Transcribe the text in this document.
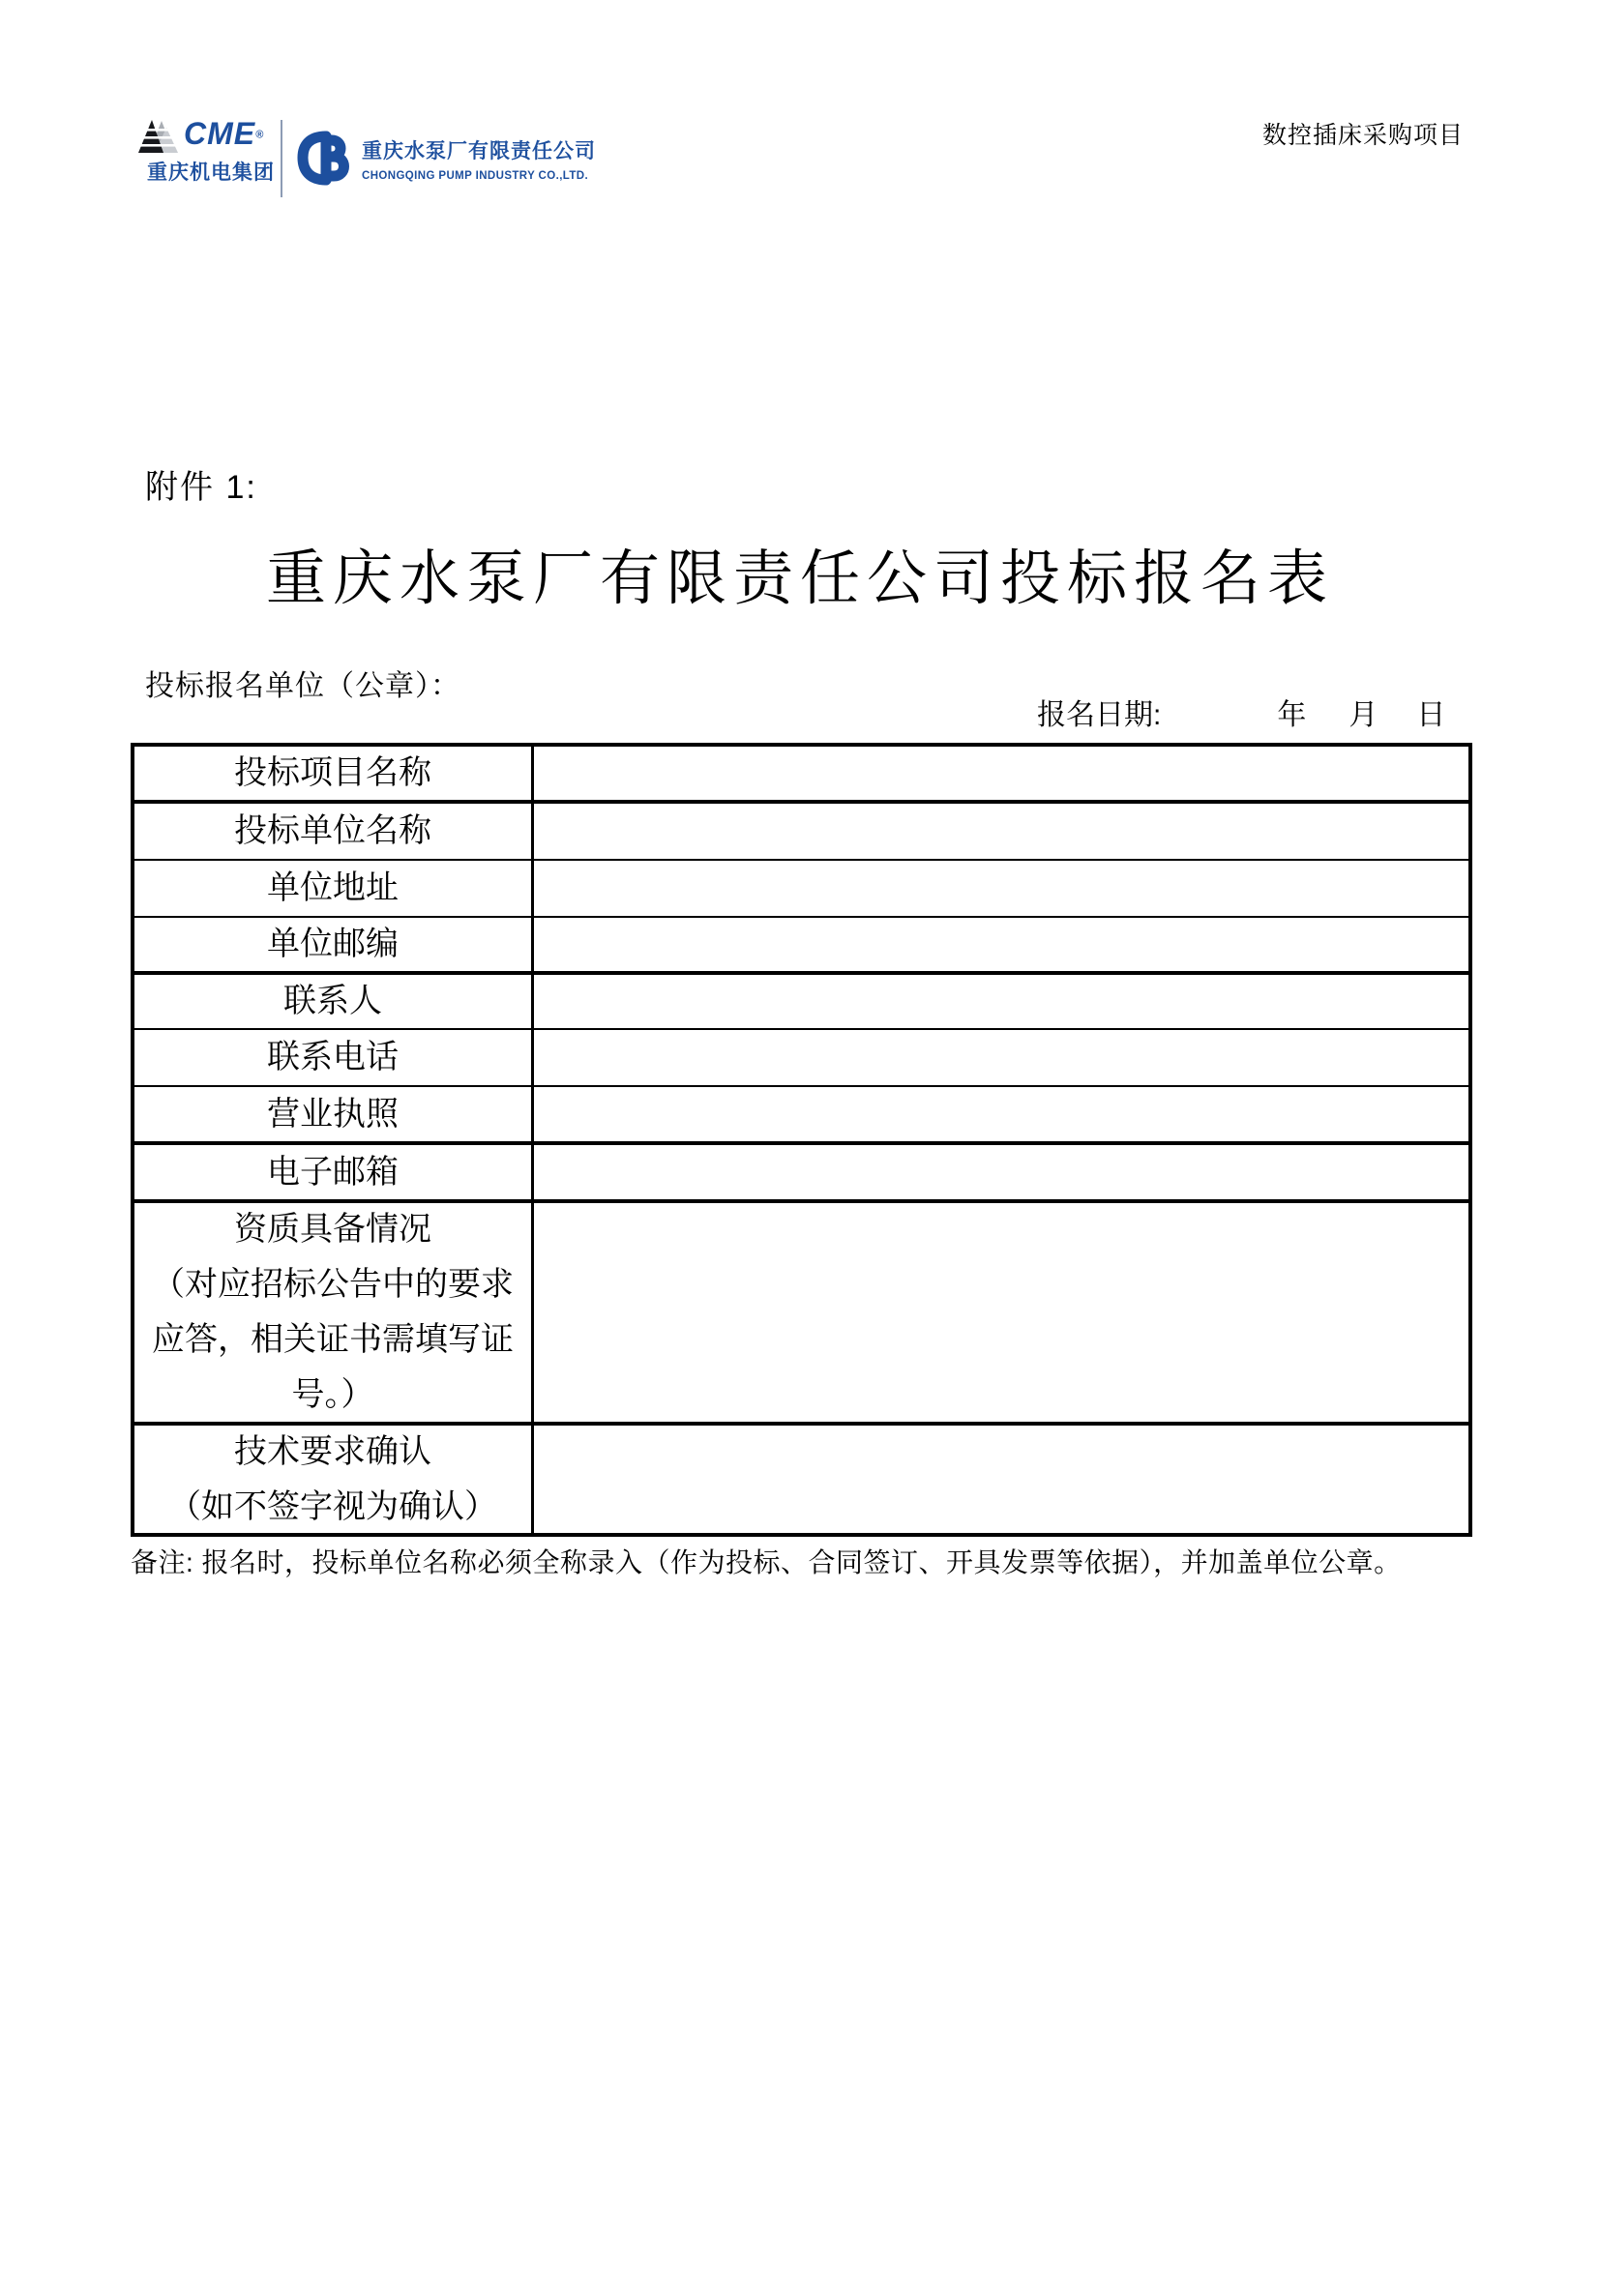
CME®
重庆机电集团
重庆水泵厂有限责任公司
CHONGQING PUMP INDUSTRY CO.,LTD.
数控插床采购项目
附件 1:
重庆水泵厂有限责任公司投标报名表
投标报名单位（公章）：
报名日期:	年 月 日
投标项目名称
投标单位名称
单位地址
单位邮编
联系人
联系电话
营业执照
电子邮箱
资质具备情况
（对应招标公告中的要求应答，相关证书需填写证号。）
技术要求确认
（如不签字视为确认）
备注: 报名时，投标单位名称必须全称录入（作为投标、合同签订、开具发票等依据），并加盖单位公章。
